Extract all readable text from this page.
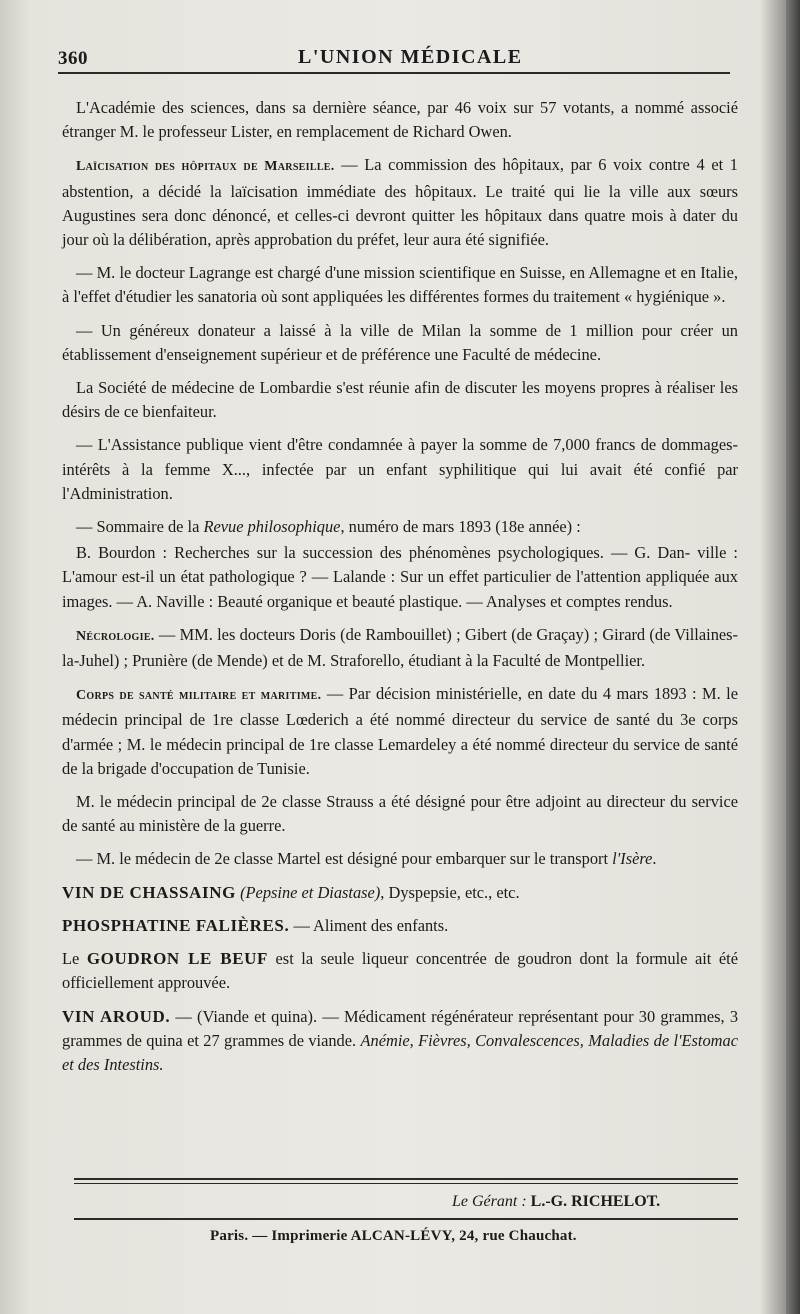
360	L'UNION MÉDICALE

L'Académie des sciences, dans sa dernière séance, par 46 voix sur 57 votants, a nommé associé étranger M. le professeur Lister, en remplacement de Richard Owen.

Laïcisation des hôpitaux de Marseille. — La commission des hôpitaux, par 6 voix contre 4 et 1 abstention, a décidé la laïcisation immédiate des hôpitaux. Le traité qui lie la ville aux sœurs Augustines sera donc dénoncé, et celles-ci devront quitter les hôpitaux dans quatre mois à dater du jour où la délibération, après approbation du préfet, leur aura été signifiée.

— M. le docteur Lagrange est chargé d'une mission scientifique en Suisse, en Allemagne et en Italie, à l'effet d'étudier les sanatoria où sont appliquées les différentes formes du traitement « hygiénique ».

— Un généreux donateur a laissé à la ville de Milan la somme de 1 million pour créer un établissement d'enseignement supérieur et de préférence une Faculté de médecine.

La Société de médecine de Lombardie s'est réunie afin de discuter les moyens propres à réaliser les désirs de ce bienfaiteur.

— L'Assistance publique vient d'être condamnée à payer la somme de 7,000 francs de dommages-intérêts à la femme X..., infectée par un enfant syphilitique qui lui avait été confié par l'Administration.

— Sommaire de la Revue philosophique, numéro de mars 1893 (18e année) :

B. Bourdon : Recherches sur la succession des phénomènes psychologiques. — G. Dan- ville : L'amour est-il un état pathologique ? — Lalande : Sur un effet particulier de l'attention appliquée aux images. — A. Naville : Beauté organique et beauté plastique. — Analyses et comptes rendus.

Nécrologie. — MM. les docteurs Doris (de Rambouillet) ; Gibert (de Graçay) ; Girard (de Villaines-la-Juhel) ; Prunière (de Mende) et de M. Straforello, étudiant à la Faculté de Montpellier.

Corps de santé militaire et maritime. — Par décision ministérielle, en date du 4 mars 1893 : M. le médecin principal de 1re classe Lœderich a été nommé directeur du service de santé du 3e corps d'armée ; M. le médecin principal de 1re classe Lemardeley a été nommé directeur du service de santé de la brigade d'occupation de Tunisie.

M. le médecin principal de 2e classe Strauss a été désigné pour être adjoint au directeur du service de santé au ministère de la guerre.

— M. le médecin de 2e classe Martel est désigné pour embarquer sur le transport l'Isère.

VIN DE CHASSAING (Pepsine et Diastase), Dyspepsie, etc., etc.

PHOSPHATINE FALIÈRES. — Aliment des enfants.

Le GOUDRON LE BEUF est la seule liqueur concentrée de goudron dont la formule ait été officiellement approuvée.

VIN AROUD. — (Viande et quina). — Médicament régénérateur représentant pour 30 grammes, 3 grammes de quina et 27 grammes de viande. Anémie, Fièvres, Convalescences, Maladies de l'Estomac et des Intestins.

Le Gérant : L.-G. RICHELOT.
Paris. — Imprimerie ALCAN-LÉVY, 24, rue Chauchat.
